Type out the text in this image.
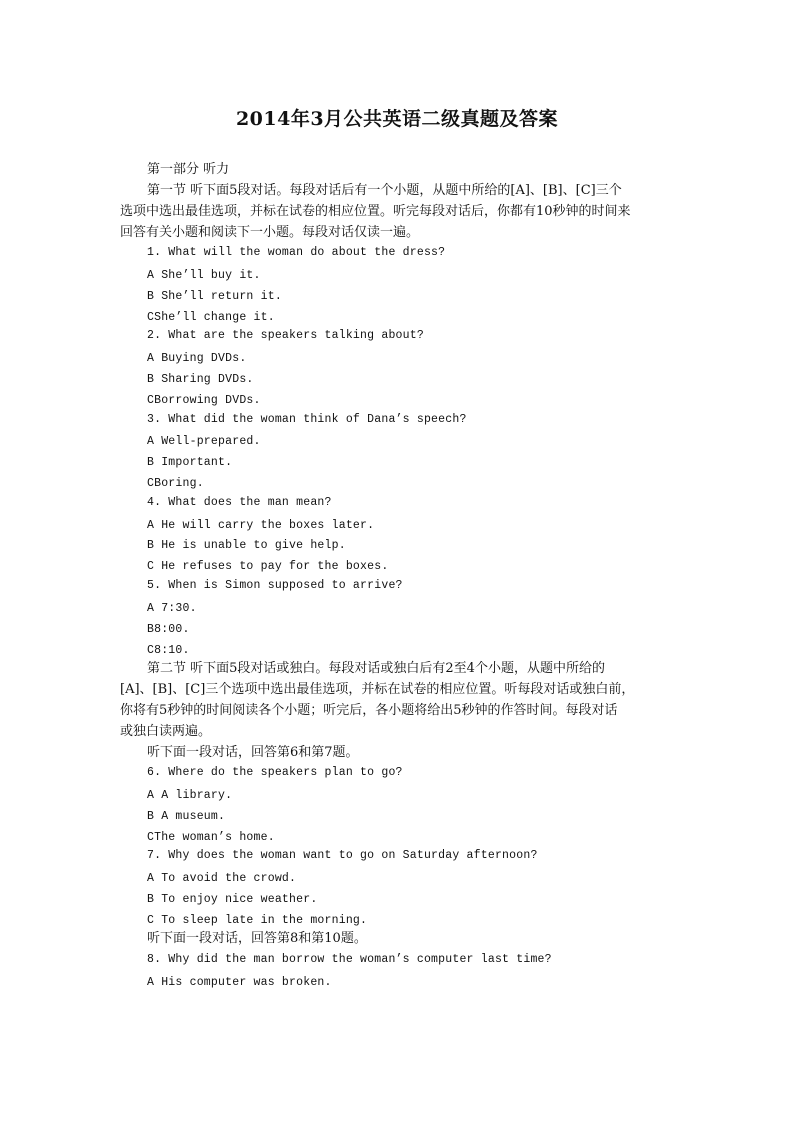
2014年3月公共英语二级真题及答案
第一部分 听力
第一节 听下面5段对话。每段对话后有一个小题，从题中所给的[A]、[B]、[C]三个
选项中选出最佳选项，并标在试卷的相应位置。听完每段对话后，你都有10秒钟的时间来
回答有关小题和阅读下一小题。每段对话仅读一遍。
1. What will the woman do about the dress?
A She’ll buy it.
B She’ll return it.
CShe’ll change it.
2. What are the speakers talking about?
A Buying DVDs.
B Sharing DVDs.
CBorrowing DVDs.
3. What did the woman think of Dana’s speech?
A Well-prepared.
B Important.
CBoring.
4. What does the man mean?
A He will carry the boxes later.
B He is unable to give help.
C He refuses to pay for the boxes.
5. When is Simon supposed to arrive?
A 7:30.
B8:00.
C8:10.
第二节 听下面5段对话或独白。每段对话或独白后有2至4个小题，从题中所给的
[A]、[B]、[C]三个选项中选出最佳选项，并标在试卷的相应位置。听每段对话或独白前，
你将有5秒钟的时间阅读各个小题；听完后，各小题将给出5秒钟的作答时间。每段对话
或独白读两遍。
听下面一段对话，回答第6和第7题。
6. Where do the speakers plan to go?
A A library.
B A museum.
CThe woman’s home.
7. Why does the woman want to go on Saturday afternoon?
A To avoid the crowd.
B To enjoy nice weather.
C To sleep late in the morning.
听下面一段对话，回答第8和第10题。
8. Why did the man borrow the woman’s computer last time?
A His computer was broken.
